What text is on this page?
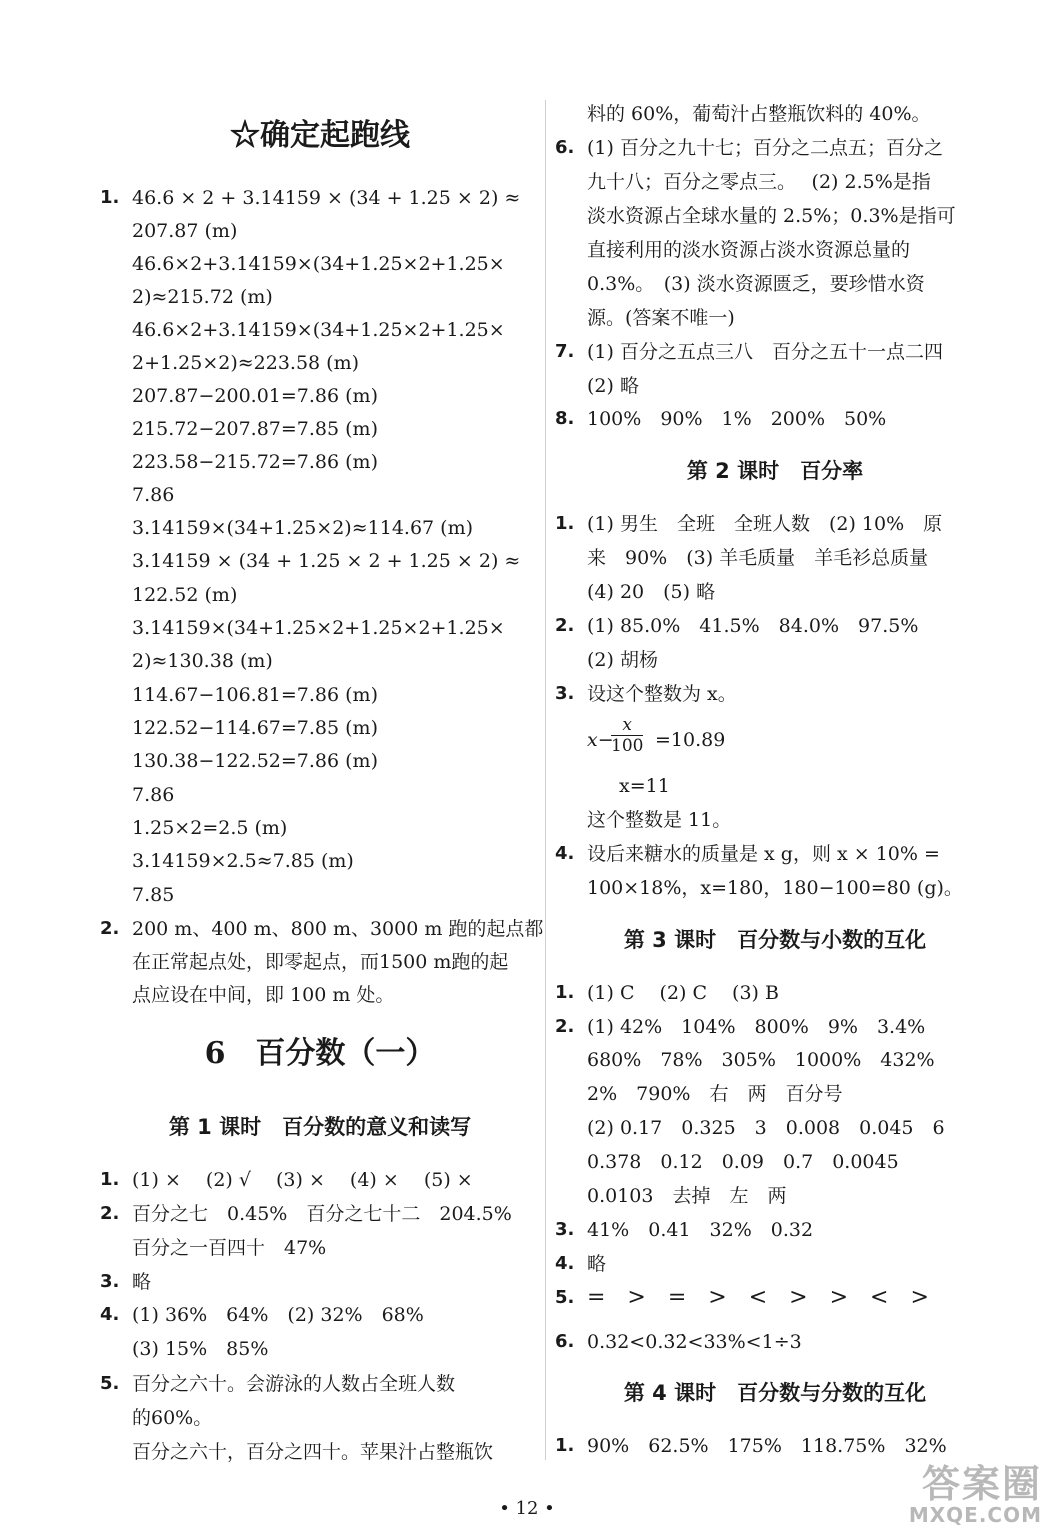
☆确定起跑线
1. 46.6 × 2 + 3.14159 × (34 + 1.25 × 2) ≈
207.87 (m)
46.6×2+3.14159×(34+1.25×2+1.25×
2)≈215.72 (m)
46.6×2+3.14159×(34+1.25×2+1.25×
2+1.25×2)≈223.58 (m)
207.87−200.01=7.86 (m)
215.72−207.87=7.85 (m)
223.58−215.72=7.86 (m)
7.86
3.14159×(34+1.25×2)≈114.67 (m)
3.14159 × (34 + 1.25 × 2 + 1.25 × 2) ≈
122.52 (m)
3.14159×(34+1.25×2+1.25×2+1.25×
2)≈130.38 (m)
114.67−106.81=7.86 (m)
122.52−114.67=7.85 (m)
130.38−122.52=7.86 (m)
7.86
1.25×2=2.5 (m)
3.14159×2.5≈7.85 (m)
7.85
2. 200 m、400 m、800 m、3000 m 跑的起点都
在正常起点处，即零起点，而1500 m跑的起
点应设在中间，即 100 m 处。
6　百分数（一）
第 1 课时　百分数的意义和读写
1. (1) ×　 (2) √　 (3) ×　 (4) ×　 (5) ×
2. 百分之七　0.45%　百分之七十二　204.5%
百分之一百四十　47%
3. 略
4. (1) 36%　64%　(2) 32%　68%
(3) 15%　85%
5. 百分之六十。会游泳的人数占全班人数
的60%。
百分之六十，百分之四十。苹果汁占整瓶饮
料的 60%，葡萄汁占整瓶饮料的 40%。
6. (1) 百分之九十七；百分之二点五；百分之
九十八；百分之零点三。　 (2) 2.5%是指
淡水资源占全球水量的 2.5%；0.3%是指可
直接利用的淡水资源占淡水资源总量的
0.3%。　(3) 淡水资源匮乏，要珍惜水资
源。(答案不唯一)
7. (1) 百分之五点三八　百分之五十一点二四
(2) 略
8. 100%　90%　1%　200%　50%
第 2 课时　百分率
1. (1) 男生　全班　全班人数　(2) 10%　原
来　90%　(3) 羊毛质量　羊毛衫总质量
(4) 20　(5) 略
2. (1) 85.0%　41.5%　84.0%　97.5%
(2) 胡杨
3. 设这个整数为 x。
x−
$\frac{x}{100} =10.89$
x=11
这个整数是 11。
4. 设后来糖水的质量是 x g，则 x × 10% =
100×18%，x=180，180−100=80 (g)。
第 3 课时　百分数与小数的互化
1. (1) C　 (2) C　 (3) B
2. (1) 42%　104%　800%　9%　3.4%
680%　78%　305%　1000%　432%
2%　790%　右　两　百分号
(2) 0.17　0.325　3　0.008　0.045　6
0.378　0.12　0.09　0.7　0.0045
0.0103　去掉　左　两
3. 41%　0.41　32%　0.32
4. 略
5. =　>　=　>　<　>　>　<　>
6. 0.32<0.3̇2̇<33%<1÷3
第 4 课时　百分数与分数的互化
1. 90%　62.5%　175%　118.75%　32%
• 12 •
答案圈
MXQE.COM
